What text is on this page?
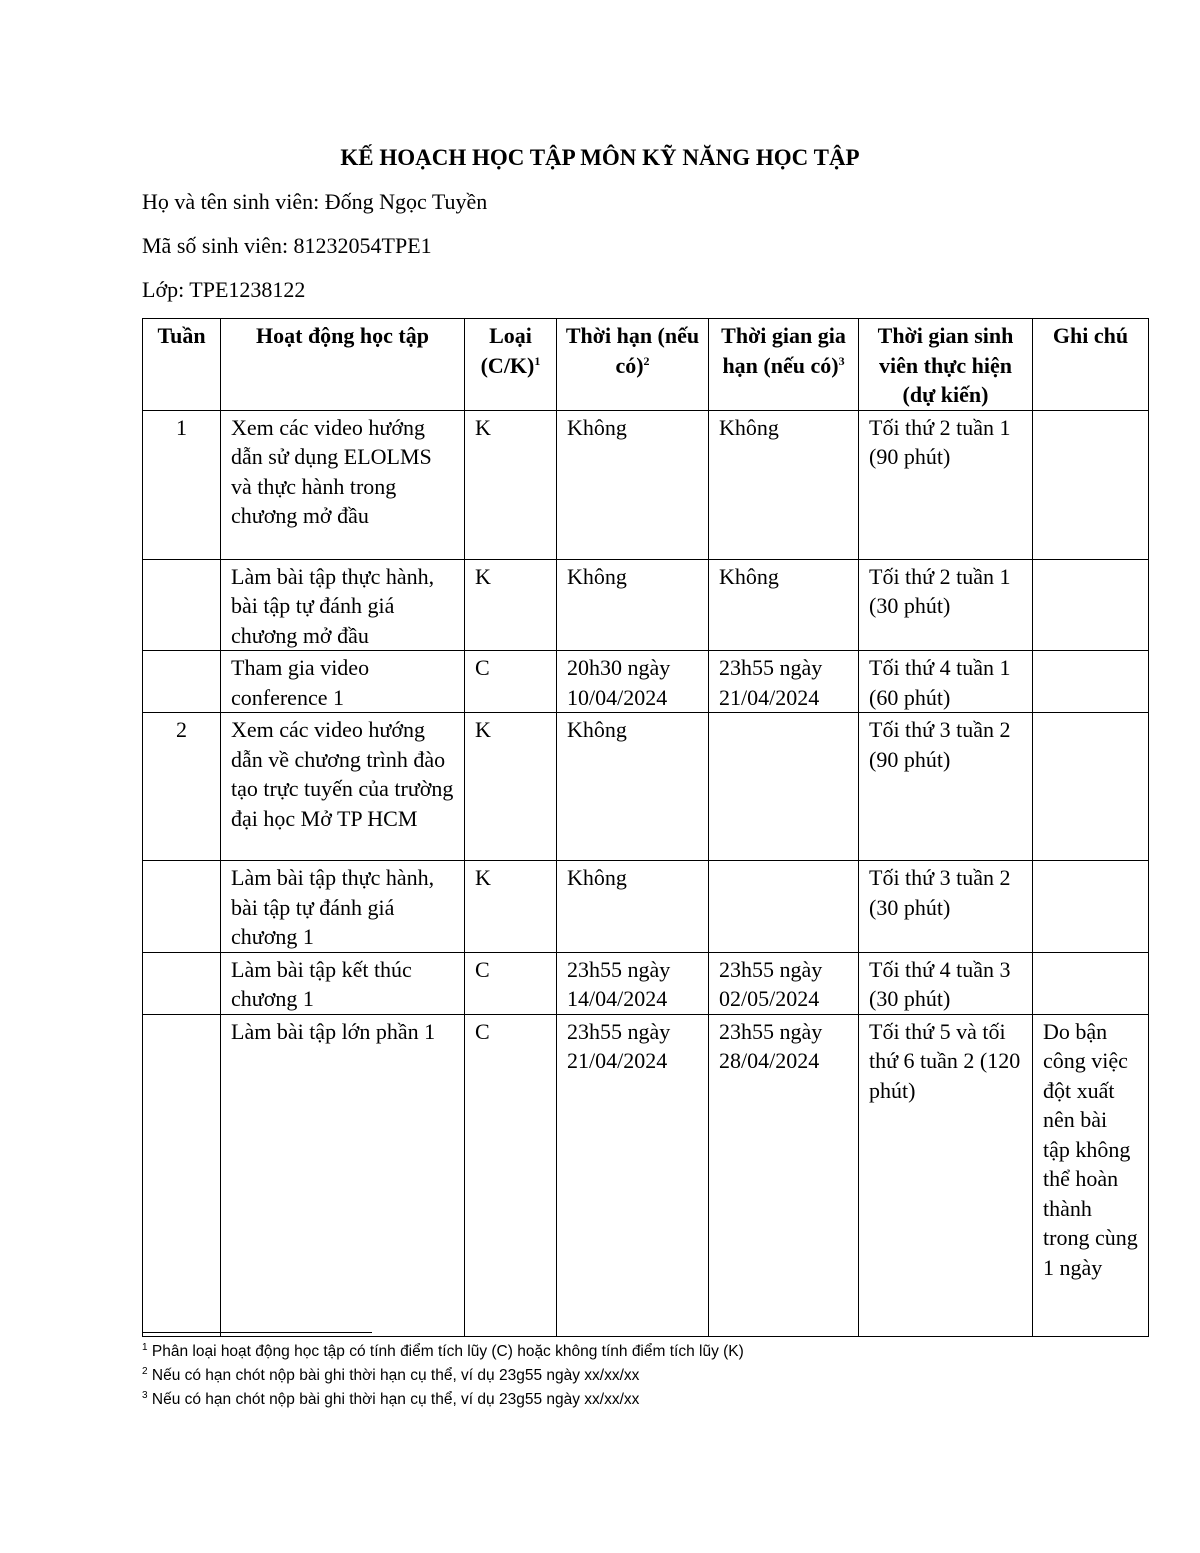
KẾ HOẠCH HỌC TẬP MÔN KỸ NĂNG HỌC TẬP
Họ và tên sinh viên: Đống Ngọc Tuyền
Mã số sinh viên: 81232054TPE1
Lớp: TPE1238122
Tuần	Hoạt động học tập	Loại $(C/K)^1$	Thời hạn (nếu có)$^2$	Thời gian gia hạn (nếu có)$^3$	Thời gian sinh viên thực hiện (dự kiến)	Ghi chú
1	Xem các video hướng dẫn sử dụng ELOLMS và thực hành trong chương mở đầu	K	Không	Không	Tối thứ 2 tuần 1 (90 phút)	
	Làm bài tập thực hành, bài tập tự đánh giá chương mở đầu	K	Không	Không	Tối thứ 2 tuần 1 (30 phút)	
	Tham gia video conference 1	C	20h30 ngày 10/04/2024	23h55 ngày 21/04/2024	Tối thứ 4 tuần 1 (60 phút)	
2	Xem các video hướng dẫn về chương trình đào tạo trực tuyến của trường đại học Mở TP HCM	K	Không		Tối thứ 3 tuần 2 (90 phút)	
	Làm bài tập thực hành, bài tập tự đánh giá chương 1	K	Không		Tối thứ 3 tuần 2 (30 phút)	
	Làm bài tập kết thúc chương 1	C	23h55 ngày 14/04/2024	23h55 ngày 02/05/2024	Tối thứ 4 tuần 3 (30 phút)	
	Làm bài tập lớn phần 1	C	23h55 ngày 21/04/2024	23h55 ngày 28/04/2024	Tối thứ 5 và tối thứ 6 tuần 2 (120 phút)	Do bận công việc đột xuất nên bài tập không thể hoàn thành trong cùng 1 ngày
$^1$ Phân loại hoạt động học tập có tính điểm tích lũy (C) hoặc không tính điểm tích lũy (K)
$^2$ Nếu có hạn chót nộp bài ghi thời hạn cụ thể, ví dụ 23g55 ngày xx/xx/xx
$^3$ Nếu có hạn chót nộp bài ghi thời hạn cụ thể, ví dụ 23g55 ngày xx/xx/xx
